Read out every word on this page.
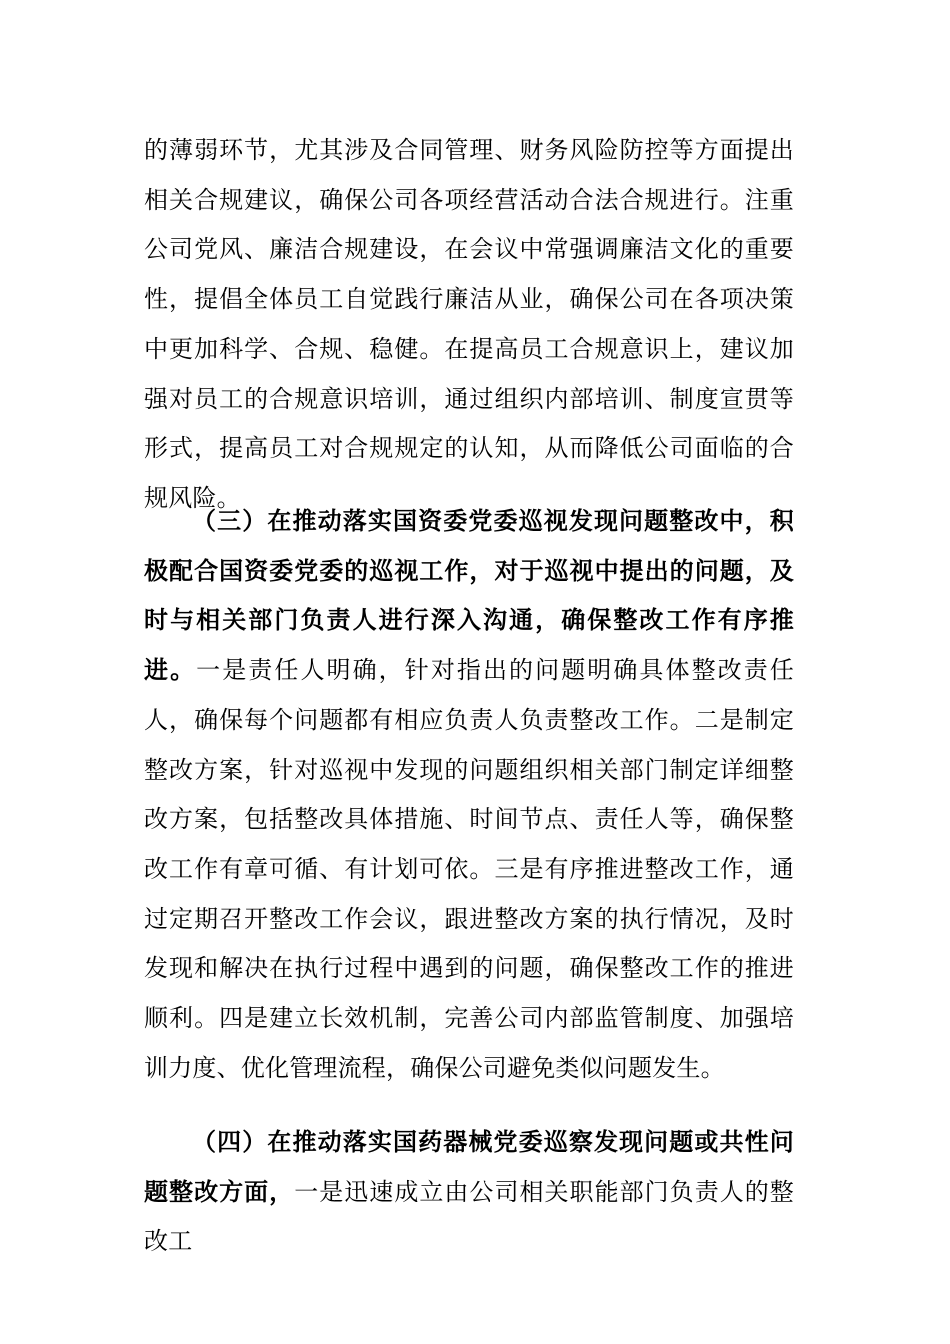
的薄弱环节，尤其涉及合同管理、财务风险防控等方面提出相关合规建议，确保公司各项经营活动合法合规进行。注重公司党风、廉洁合规建设，在会议中常强调廉洁文化的重要性，提倡全体员工自觉践行廉洁从业，确保公司在各项决策中更加科学、合规、稳健。在提高员工合规意识上，建议加强对员工的合规意识培训，通过组织内部培训、制度宣贯等形式，提高员工对合规规定的认知，从而降低公司面临的合规风险。
（三）在推动落实国资委党委巡视发现问题整改中，积极配合国资委党委的巡视工作，对于巡视中提出的问题，及时与相关部门负责人进行深入沟通，确保整改工作有序推进。一是责任人明确，针对指出的问题明确具体整改责任人，确保每个问题都有相应负责人负责整改工作。二是制定整改方案，针对巡视中发现的问题组织相关部门制定详细整改方案，包括整改具体措施、时间节点、责任人等，确保整改工作有章可循、有计划可依。三是有序推进整改工作，通过定期召开整改工作会议，跟进整改方案的执行情况，及时发现和解决在执行过程中遇到的问题，确保整改工作的推进顺利。四是建立长效机制，完善公司内部监管制度、加强培训力度、优化管理流程，确保公司避免类似问题发生。
（四）在推动落实国药器械党委巡察发现问题或共性问题整改方面，一是迅速成立由公司相关职能部门负责人的整改工
